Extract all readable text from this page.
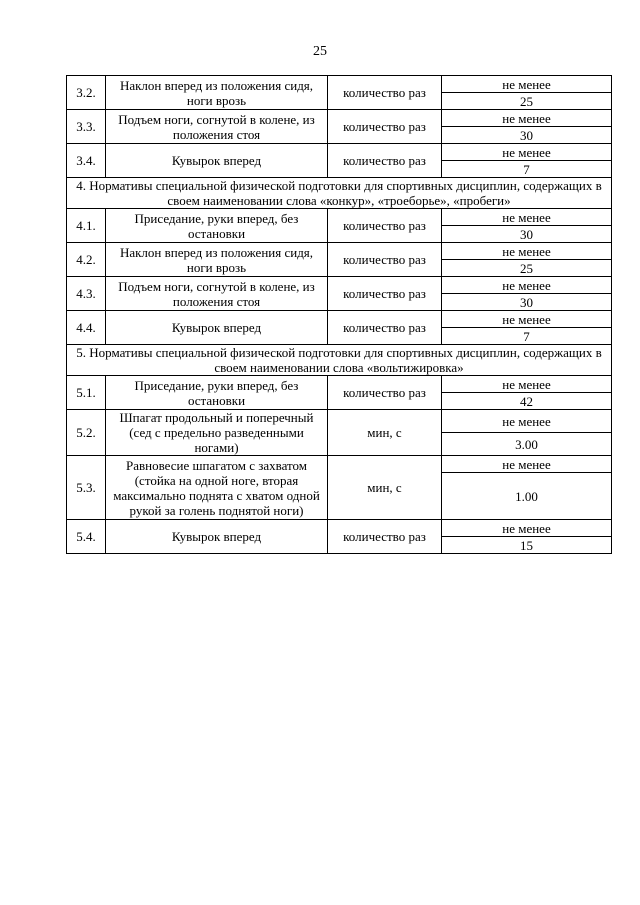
25
3.2.	Наклон вперед из положения сидя, ноги врозь	количество раз	не менее
			25
3.3.	Подъем ноги, согнутой в колене, из положения стоя	количество раз	не менее
			30
3.4.	Кувырок вперед	количество раз	не менее
			7
4. Нормативы специальной физической подготовки для спортивных дисциплин, содержащих в своем наименовании слова «конкур», «троеборье», «пробеги»			
4.1.	Приседание, руки вперед, без остановки	количество раз	не менее
			30
4.2.	Наклон вперед из положения сидя, ноги врозь	количество раз	не менее
			25
4.3.	Подъем ноги, согнутой в колене, из положения стоя	количество раз	не менее
			30
4.4.	Кувырок вперед	количество раз	не менее
			7
5. Нормативы специальной физической подготовки для спортивных дисциплин, содержащих в своем наименовании слова «вольтижировка»			
5.1.	Приседание, руки вперед, без остановки	количество раз	не менее
			42
5.2.	Шпагат продольный и поперечный (сед с предельно разведенными ногами)	мин, с	не менее
			3.00
5.3.	Равновесие шпагатом с захватом (стойка на одной ноге, вторая максимально поднята с хватом одной рукой за голень поднятой ноги)	мин, с	не менее
			1.00
5.4.	Кувырок вперед	количество раз	не менее
			15
